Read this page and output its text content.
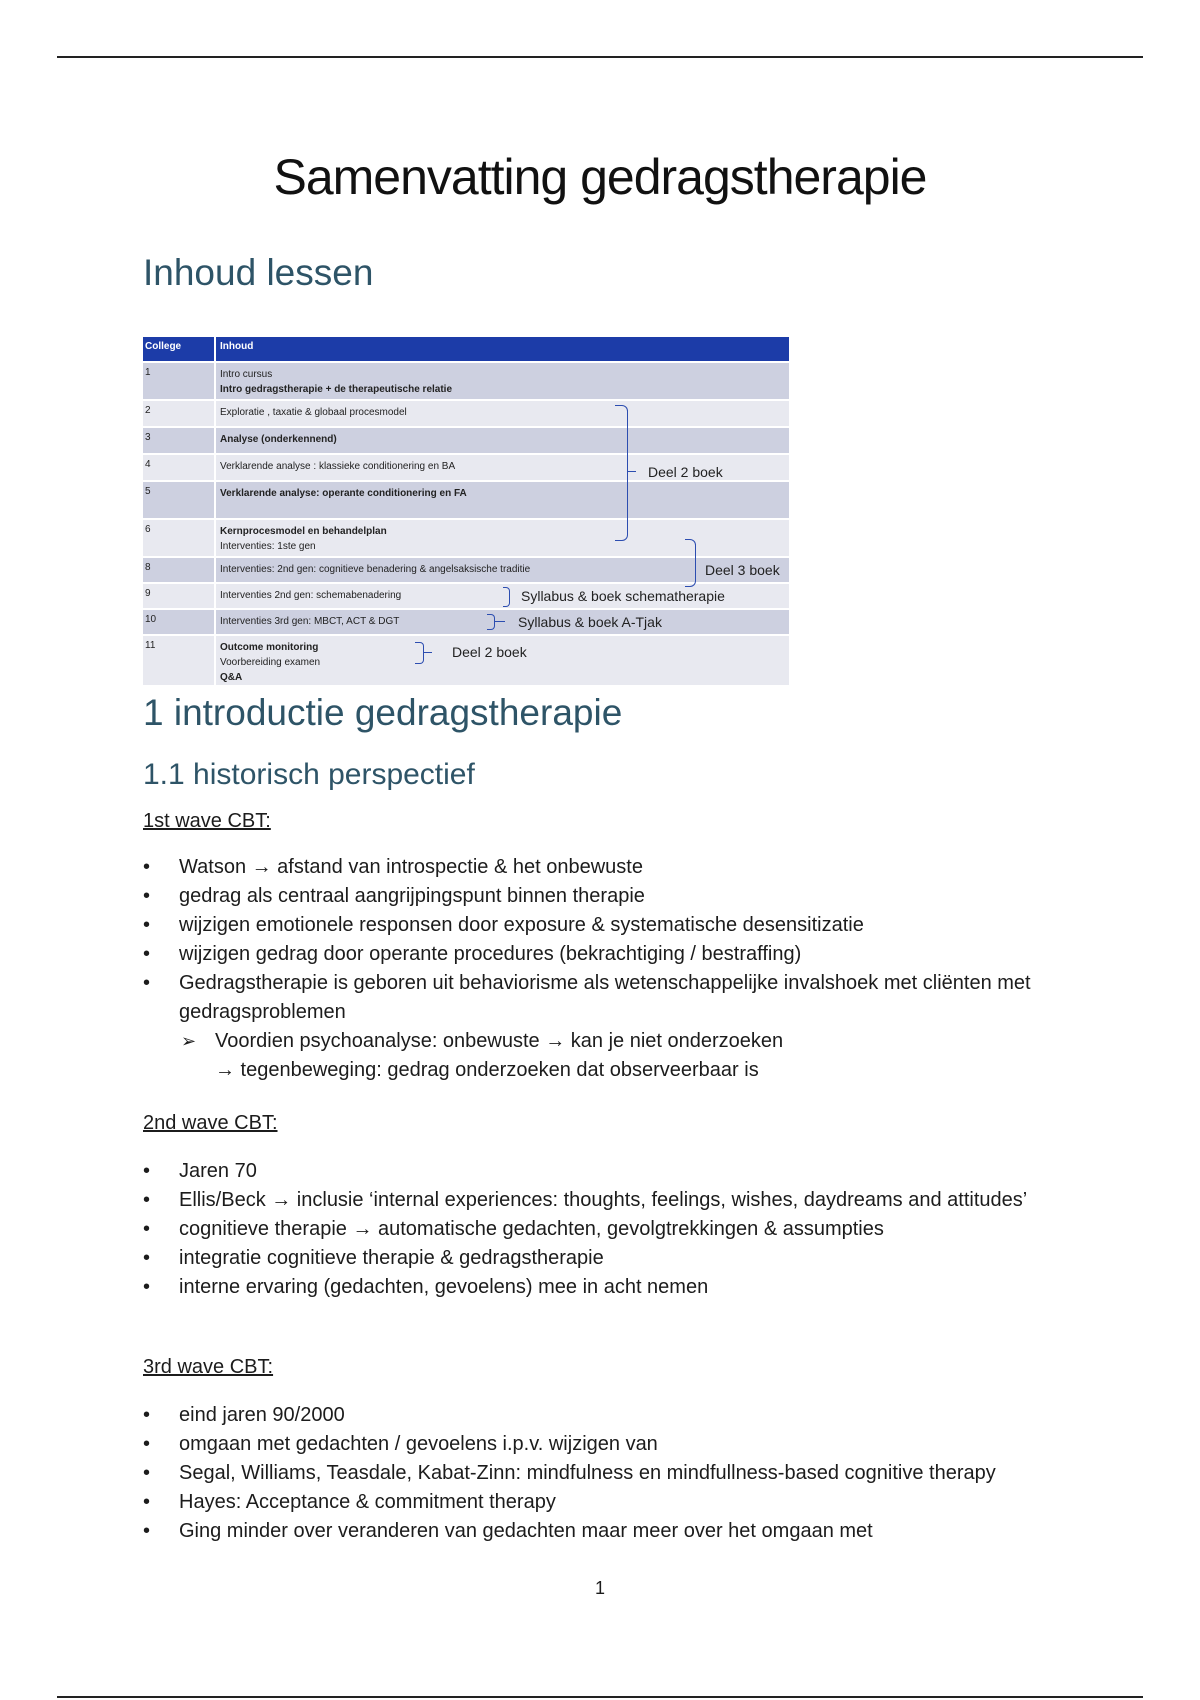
Samenvatting gedragstherapie
Inhoud lessen
College	Inhoud
1	Intro cursus
Intro gedragstherapie + de therapeutische relatie
2	Exploratie , taxatie & globaal procesmodel
3	Analyse (onderkennend)
4	Verklarende analyse : klassieke conditionering en BA
5	Verklarende analyse: operante conditionering en FA
6	Kernprocesmodel en behandelplan
Interventies: 1ste gen
8	Interventies: 2nd gen: cognitieve benadering & angelsaksische traditie
9	Interventies 2nd gen: schemabenadering
10	Interventies 3rd gen: MBCT, ACT & DGT
11	Outcome monitoring
Voorbereiding examen
Q&A
Deel 2 boek
Deel 3 boek
Syllabus & boek schematherapie
Syllabus & boek A-Tjak
Deel 2 boek
1 introductie gedragstherapie
1.1 historisch perspectief
1st wave CBT:
• Watson → afstand van introspectie & het onbewuste
• gedrag als centraal aangrijpingspunt binnen therapie
• wijzigen emotionele responsen door exposure & systematische desensitizatie
• wijzigen gedrag door operante procedures (bekrachtiging / bestraffing)
• Gedragstherapie is geboren uit behaviorisme als wetenschappelijke invalshoek met cliënten met gedragsproblemen
➢ Voordien psychoanalyse: onbewuste → kan je niet onderzoeken
→ tegenbeweging: gedrag onderzoeken dat observeerbaar is
2nd wave CBT:
• Jaren 70
• Ellis/Beck → inclusie ‘internal experiences: thoughts, feelings, wishes, daydreams and attitudes’
• cognitieve therapie → automatische gedachten, gevolgtrekkingen & assumpties
• integratie cognitieve therapie & gedragstherapie
• interne ervaring (gedachten, gevoelens) mee in acht nemen
3rd wave CBT:
• eind jaren 90/2000
• omgaan met gedachten / gevoelens i.p.v. wijzigen van
• Segal, Williams, Teasdale, Kabat-Zinn: mindfulness en mindfullness-based cognitive therapy
• Hayes: Acceptance & commitment therapy
• Ging minder over veranderen van gedachten maar meer over het omgaan met
1
